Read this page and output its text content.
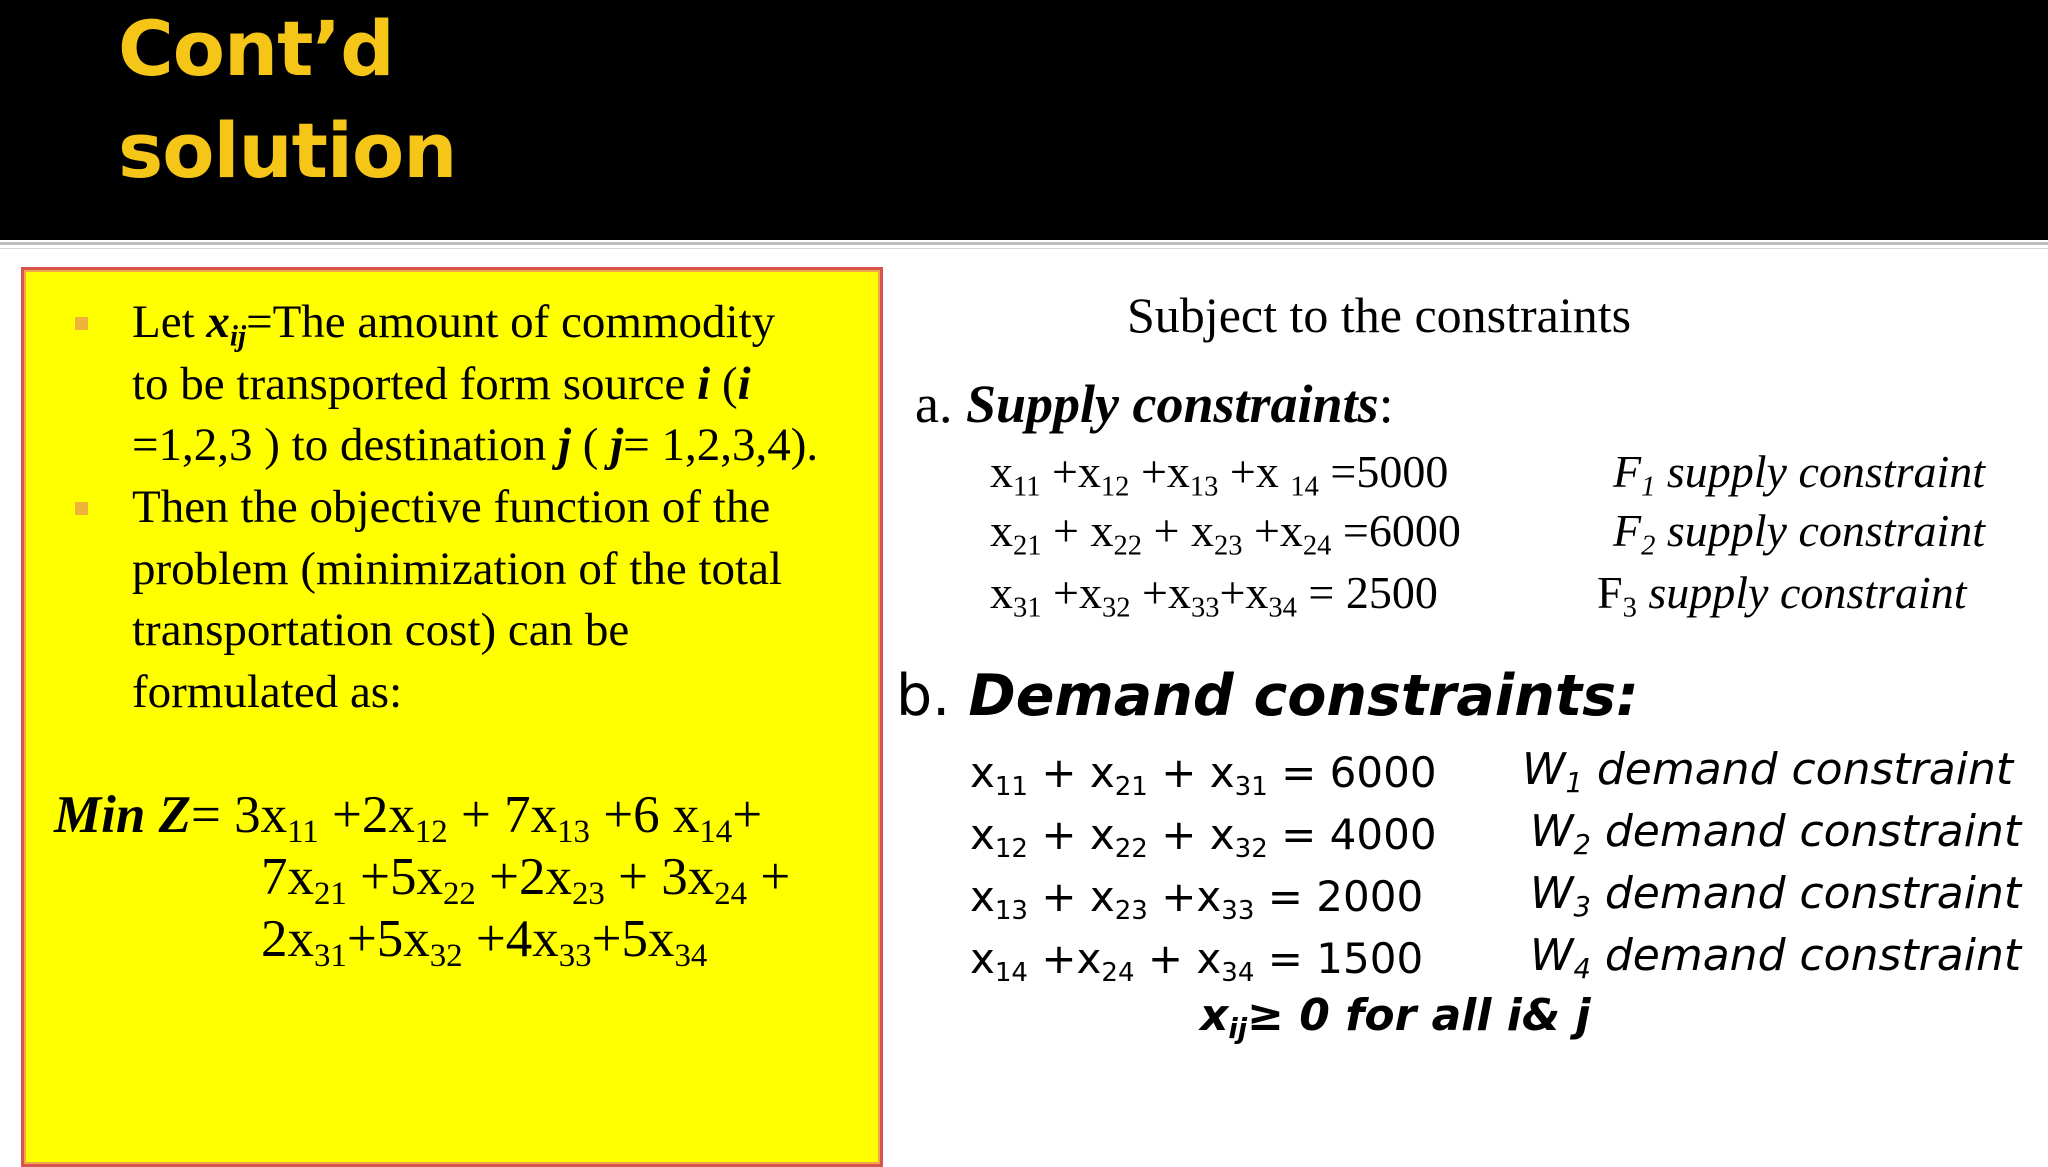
Cont’d
solution
Let $x_{ij}=The$ amount of commodity
to be transported form source i (i
=1,2,3 ) to destination j ( j= 1,2,3,4).
Then the objective function of the
problem (minimization of the total
transportation cost) can be
formulated as:
Min $Z= 3x_{11} +2x_{12} + 7x_{13} +6$ $x_{14}+$
$7x_{21} +5x_{22} +2x_{23} + 3x_{24}$ +
$2x_{31}+5x_{32} +4x_{33}+5x_{34}$
Subject to the constraints
a. Supply constraints:
$x_{11} +x_{12} +x_{13} +x$ $_{14}$ =5000	$F_1$ supply constraint
$x_{21} + x_{22} + x_{23} +x_{24} =6000$	$F_2$ supply constraint
$x_{31} +x_{32} +x_{33}+x_{34} = 2500$	$F_3$ supply constraint
b. Demand constraints:
$x_{11} + x_{21} + x_{31} = 6000$ $W_1$ demand constraint
$x_{12} + x_{22} + x_{32} = 4000$ $W_2$ demand constraint
$x_{13} + x_{23} +x_{33} = 2000$ $W_3$ demand constraint
$x_{14} +x_{24} + x_{34} = 1500$ $W_4$ demand constraint
$x_{ij}\ge 0$ for all i& j
